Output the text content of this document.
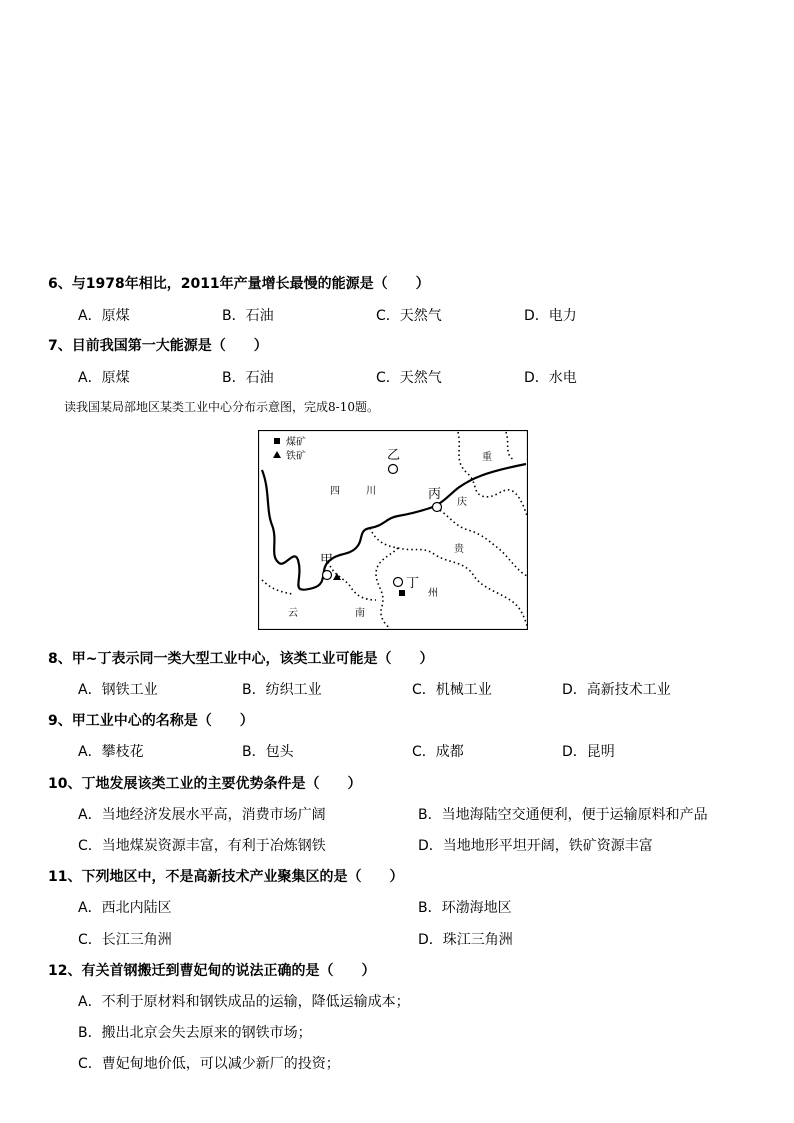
6、与1978年相比，2011年产量增长最慢的能源是（　　）
A．原煤	B．石油	C．天然气	D．电力
7、目前我国第一大能源是（　　）
A．原煤	B．石油	C．天然气	D．水电
读我国某局部地区某类工业中心分布示意图，完成8-10题。
煤矿
铁矿	乙
丙
甲
丁
四	川
重
庆
贵
州
云	南
8、甲~丁表示同一类大型工业中心，该类工业可能是（　　）
A．钢铁工业	B．纺织工业	C．机械工业	D．高新技术工业
9、甲工业中心的名称是（　　）
A．攀枝花	B．包头	C．成都	D．昆明
10、丁地发展该类工业的主要优势条件是（　　）
A．当地经济发展水平高，消费市场广阔	B．当地海陆空交通便利，便于运输原料和产品
C．当地煤炭资源丰富，有利于冶炼钢铁	D．当地地形平坦开阔，铁矿资源丰富
11、下列地区中，不是高新技术产业聚集区的是（　　）
A．西北内陆区	B．环渤海地区
C．长江三角洲	D．珠江三角洲
12、有关首钢搬迁到曹妃甸的说法正确的是（　　）
A．不利于原材料和钢铁成品的运输，降低运输成本；
B．搬出北京会失去原来的钢铁市场；
C．曹妃甸地价低，可以减少新厂的投资；
